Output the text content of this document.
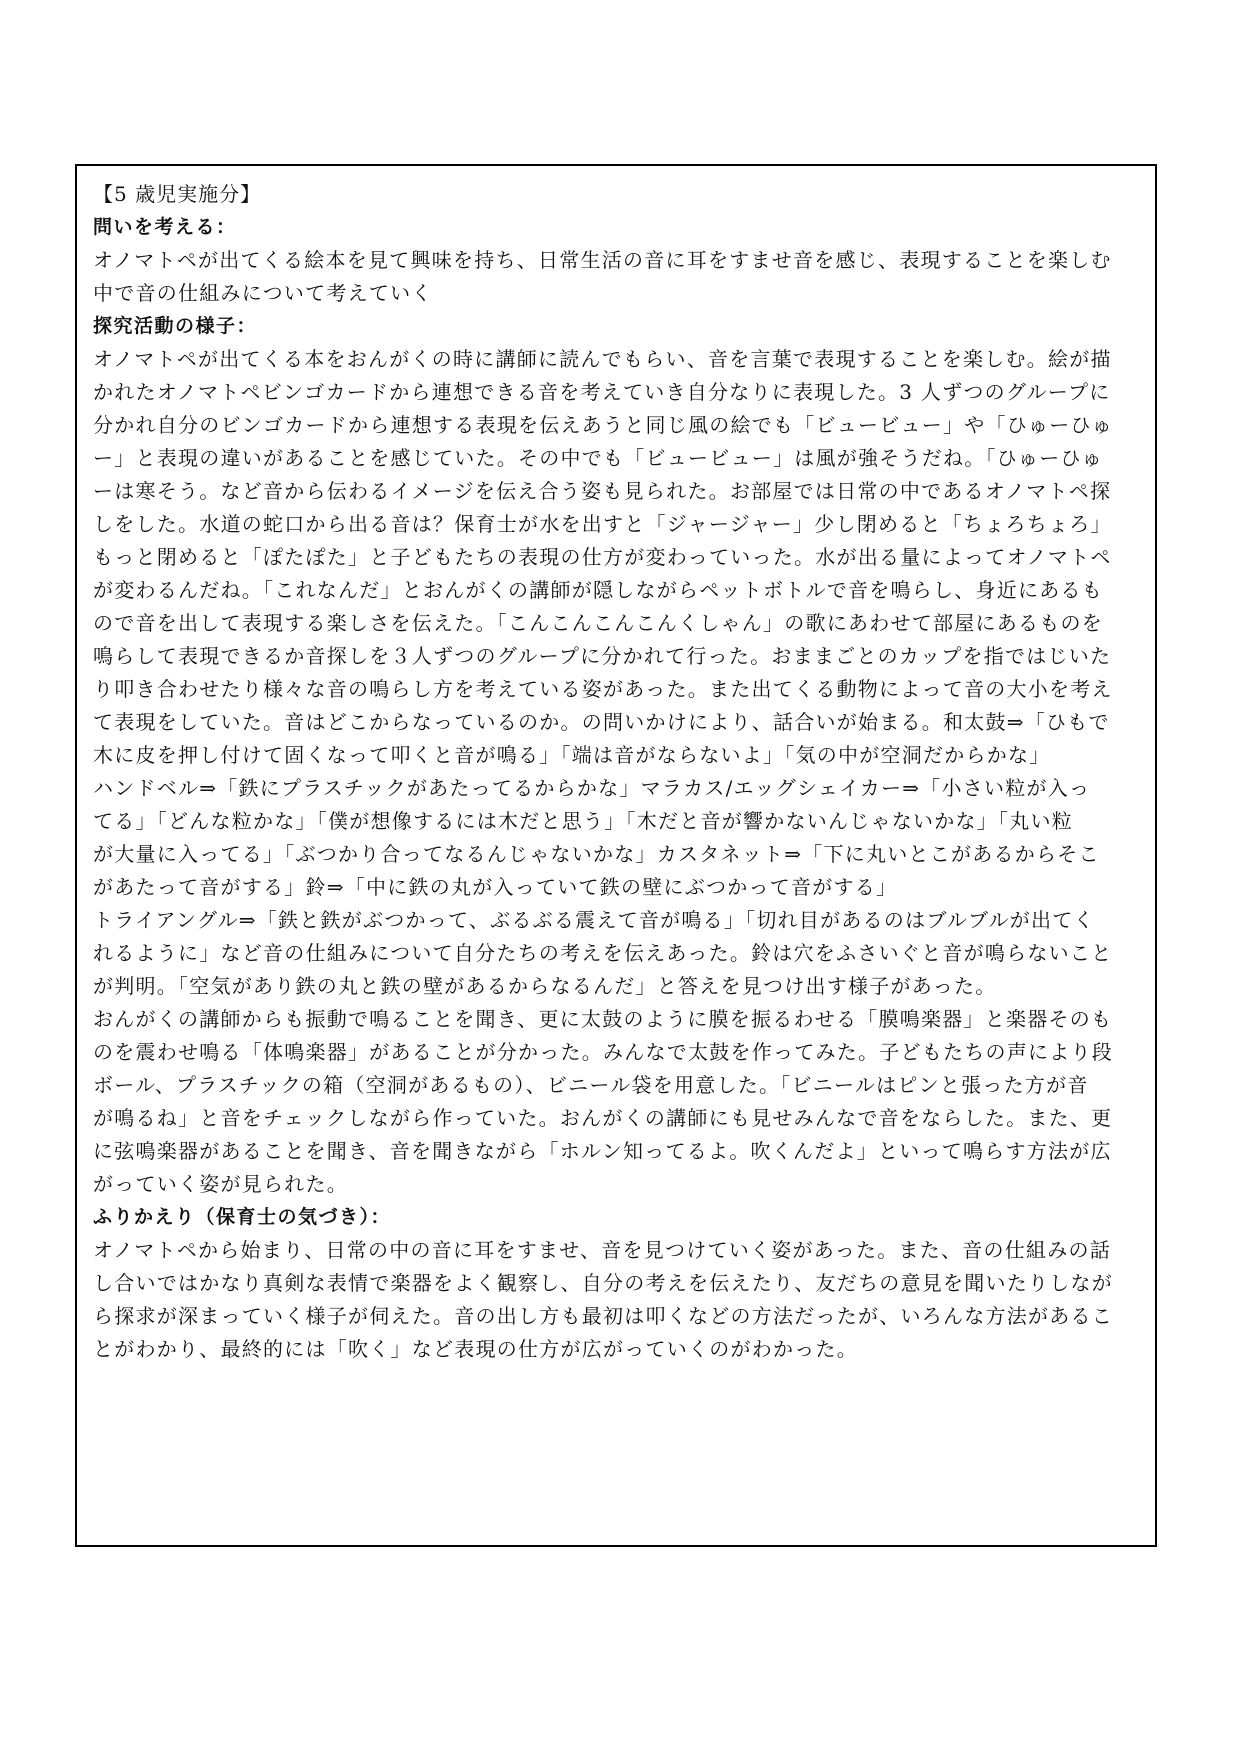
【5 歳児実施分】
問いを考える：
オノマトペが出てくる絵本を見て興味を持ち、日常生活の音に耳をすませ音を感じ、表現することを楽しむ
中で音の仕組みについて考えていく
探究活動の様子：
オノマトペが出てくる本をおんがくの時に講師に読んでもらい、音を言葉で表現することを楽しむ。絵が描
かれたオノマトペビンゴカードから連想できる音を考えていき自分なりに表現した。3 人ずつのグループに
分かれ自分のビンゴカードから連想する表現を伝えあうと同じ風の絵でも「ビュービュー」や「ひゅーひゅ
ー」と表現の違いがあることを感じていた。その中でも「ビュービュー」は風が強そうだね。「ひゅーひゅ
ーは寒そう。など音から伝わるイメージを伝え合う姿も見られた。お部屋では日常の中であるオノマトペ探
しをした。水道の蛇口から出る音は？保育士が水を出すと「ジャージャー」少し閉めると「ちょろちょろ」
もっと閉めると「ぽたぽた」と子どもたちの表現の仕方が変わっていった。水が出る量によってオノマトペ
が変わるんだね。「これなんだ」とおんがくの講師が隠しながらペットボトルで音を鳴らし、身近にあるも
ので音を出して表現する楽しさを伝えた。「こんこんこんこんくしゃん」の歌にあわせて部屋にあるものを
鳴らして表現できるか音探しを３人ずつのグループに分かれて行った。おままごとのカップを指ではじいた
り叩き合わせたり様々な音の鳴らし方を考えている姿があった。また出てくる動物によって音の大小を考え
て表現をしていた。音はどこからなっているのか。の問いかけにより、話合いが始まる。和太鼓⇒「ひもで
木に皮を押し付けて固くなって叩くと音が鳴る」「端は音がならないよ」「気の中が空洞だからかな」
ハンドベル⇒「鉄にプラスチックがあたってるからかな」マラカス/エッグシェイカー⇒「小さい粒が入っ
てる」「どんな粒かな」「僕が想像するには木だと思う」「木だと音が響かないんじゃないかな」「丸い粒
が大量に入ってる」「ぶつかり合ってなるんじゃないかな」カスタネット⇒「下に丸いとこがあるからそこ
があたって音がする」鈴⇒「中に鉄の丸が入っていて鉄の壁にぶつかって音がする」
トライアングル⇒「鉄と鉄がぶつかって、ぶるぶる震えて音が鳴る」「切れ目があるのはブルブルが出てく
れるように」など音の仕組みについて自分たちの考えを伝えあった。鈴は穴をふさいぐと音が鳴らないこと
が判明。「空気があり鉄の丸と鉄の壁があるからなるんだ」と答えを見つけ出す様子があった。
おんがくの講師からも振動で鳴ることを聞き、更に太鼓のように膜を振るわせる「膜鳴楽器」と楽器そのも
のを震わせ鳴る「体鳴楽器」があることが分かった。みんなで太鼓を作ってみた。子どもたちの声により段
ボール、プラスチックの箱（空洞があるもの）、ビニール袋を用意した。「ビニールはピンと張った方が音
が鳴るね」と音をチェックしながら作っていた。おんがくの講師にも見せみんなで音をならした。また、更
に弦鳴楽器があることを聞き、音を聞きながら「ホルン知ってるよ。吹くんだよ」といって鳴らす方法が広
がっていく姿が見られた。
ふりかえり（保育士の気づき）：
オノマトペから始まり、日常の中の音に耳をすませ、音を見つけていく姿があった。また、音の仕組みの話
し合いではかなり真剣な表情で楽器をよく観察し、自分の考えを伝えたり、友だちの意見を聞いたりしなが
ら探求が深まっていく様子が伺えた。音の出し方も最初は叩くなどの方法だったが、いろんな方法があるこ
とがわかり、最終的には「吹く」など表現の仕方が広がっていくのがわかった。
